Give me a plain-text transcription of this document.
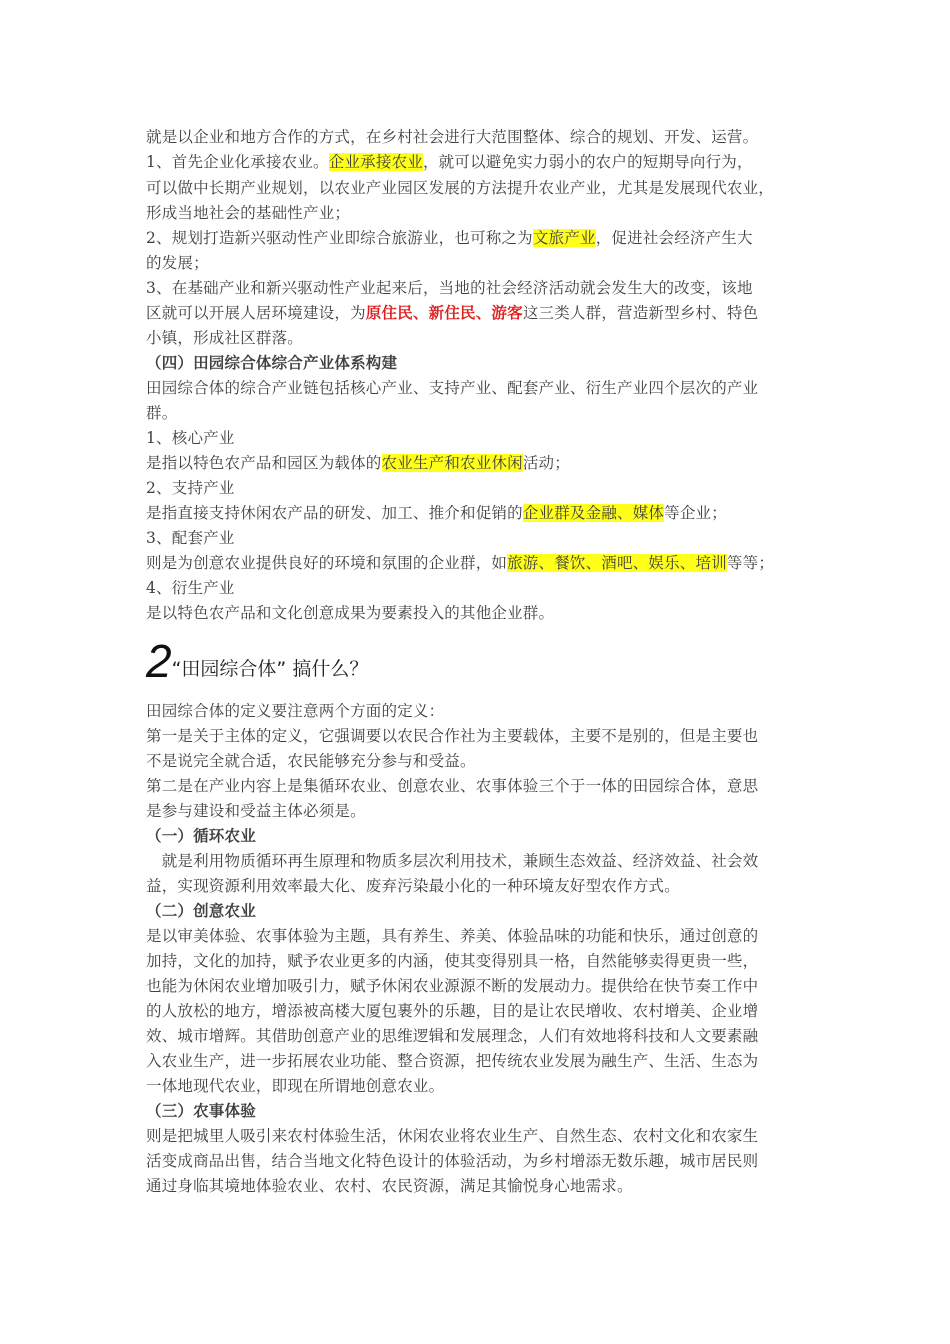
就是以企业和地方合作的方式，在乡村社会进行大范围整体、综合的规划、开发、运营。
1、首先企业化承接农业。企业承接农业，就可以避免实力弱小的农户的短期导向行为，
可以做中长期产业规划，以农业产业园区发展的方法提升农业产业，尤其是发展现代农业，
形成当地社会的基础性产业；
2、规划打造新兴驱动性产业即综合旅游业，也可称之为文旅产业，促进社会经济产生大
的发展；
3、在基础产业和新兴驱动性产业起来后，当地的社会经济活动就会发生大的改变，该地
区就可以开展人居环境建设，为原住民、新住民、游客这三类人群，营造新型乡村、特色
小镇，形成社区群落。
（四）田园综合体综合产业体系构建
田园综合体的综合产业链包括核心产业、支持产业、配套产业、衍生产业四个层次的产业
群。
1、核心产业
是指以特色农产品和园区为载体的农业生产和农业休闲活动；
2、支持产业
是指直接支持休闲农产品的研发、加工、推介和促销的企业群及金融、媒体等企业；
3、配套产业
则是为创意农业提供良好的环境和氛围的企业群，如旅游、餐饮、酒吧、娱乐、培训等等；
4、衍生产业
是以特色农产品和文化创意成果为要素投入的其他企业群。
2“田园综合体” 搞什么？
田园综合体的定义要注意两个方面的定义：
第一是关于主体的定义，它强调要以农民合作社为主要载体，主要不是别的，但是主要也
不是说完全就合适，农民能够充分参与和受益。
第二是在产业内容上是集循环农业、创意农业、农事体验三个于一体的田园综合体，意思
是参与建设和受益主体必须是。
（一）循环农业
　就是利用物质循环再生原理和物质多层次利用技术，兼顾生态效益、经济效益、社会效
益，实现资源利用效率最大化、废弃污染最小化的一种环境友好型农作方式。
（二）创意农业
是以审美体验、农事体验为主题，具有养生、养美、体验品味的功能和快乐，通过创意的
加持，文化的加持，赋予农业更多的内涵，使其变得别具一格，自然能够卖得更贵一些，
也能为休闲农业增加吸引力，赋予休闲农业源源不断的发展动力。提供给在快节奏工作中
的人放松的地方，增添被高楼大厦包裹外的乐趣，目的是让农民增收、农村增美、企业增
效、城市增辉。其借助创意产业的思维逻辑和发展理念，人们有效地将科技和人文要素融
入农业生产，进一步拓展农业功能、整合资源，把传统农业发展为融生产、生活、生态为
一体地现代农业，即现在所谓地创意农业。
（三）农事体验
则是把城里人吸引来农村体验生活，休闲农业将农业生产、自然生态、农村文化和农家生
活变成商品出售，结合当地文化特色设计的体验活动，为乡村增添无数乐趣，城市居民则
通过身临其境地体验农业、农村、农民资源，满足其愉悦身心地需求。
